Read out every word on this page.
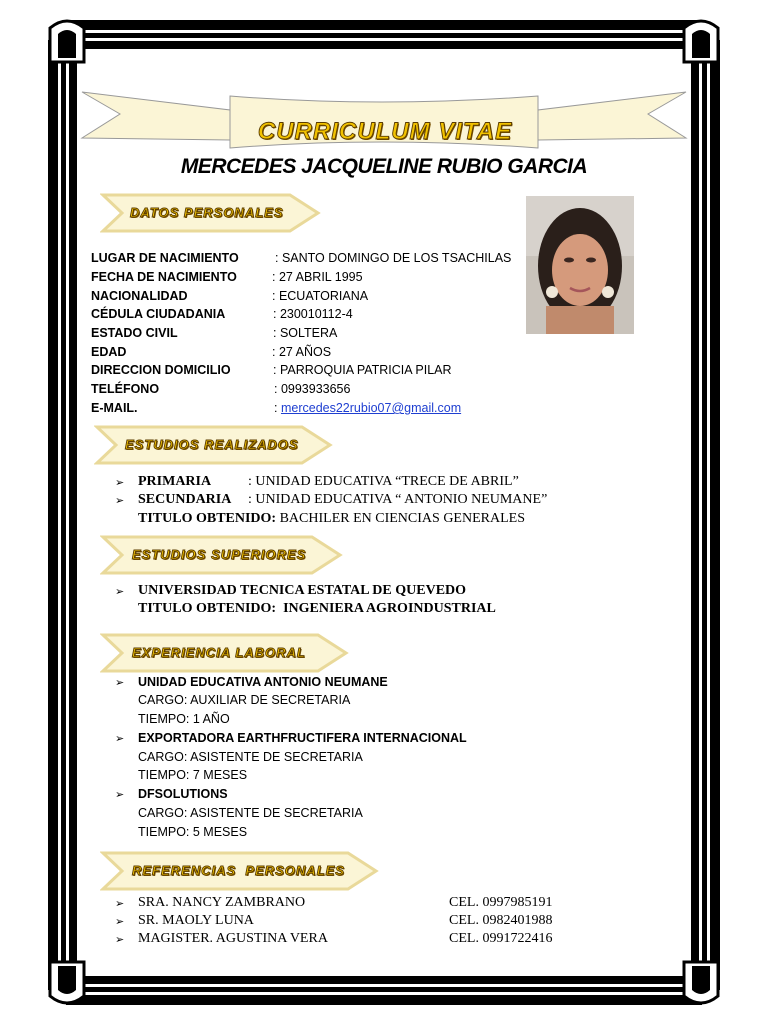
CURRICULUM VITAE
MERCEDES JACQUELINE RUBIO GARCIA
DATOS PERSONALES
ESTUDIOS REALIZADOS
ESTUDIOS SUPERIORES
EXPERIENCIA LABORAL
REFERENCIAS  PERSONALES
LUGAR DE NACIMIENTO	: SANTO DOMINGO DE LOS TSACHILAS
FECHA DE NACIMIENTO	: 27 ABRIL 1995
NACIONALIDAD	: ECUATORIANA
CÉDULA CIUDADANIA	: 230010112-4
ESTADO CIVIL	: SOLTERA
EDAD	: 27 AÑOS
DIRECCION DOMICILIO	: PARROQUIA PATRICIA PILAR
TELÉFONO	: 0993933656
E-MAIL.	: mercedes22rubio07@gmail.com
➢ PRIMARIA	: UNIDAD EDUCATIVA “TRECE DE ABRIL”
➢ SECUNDARIA : UNIDAD EDUCATIVA “ ANTONIO NEUMANE”
TITULO OBTENIDO: BACHILER EN CIENCIAS GENERALES
➢ UNIVERSIDAD TECNICA ESTATAL DE QUEVEDO
TITULO OBTENIDO:  INGENIERA AGROINDUSTRIAL
➢ UNIDAD EDUCATIVA ANTONIO NEUMANE
CARGO: AUXILIAR DE SECRETARIA
TIEMPO: 1 AÑO
➢ EXPORTADORA EARTHFRUCTIFERA INTERNACIONAL
CARGO: ASISTENTE DE SECRETARIA
TIEMPO: 7 MESES
➢ DFSOLUTIONS
CARGO: ASISTENTE DE SECRETARIA
TIEMPO: 5 MESES
➢ SRA. NANCY ZAMBRANO	CEL. 0997985191
➢ SR. MAOLY LUNA	CEL. 0982401988
➢ MAGISTER. AGUSTINA VERA	CEL. 0991722416
